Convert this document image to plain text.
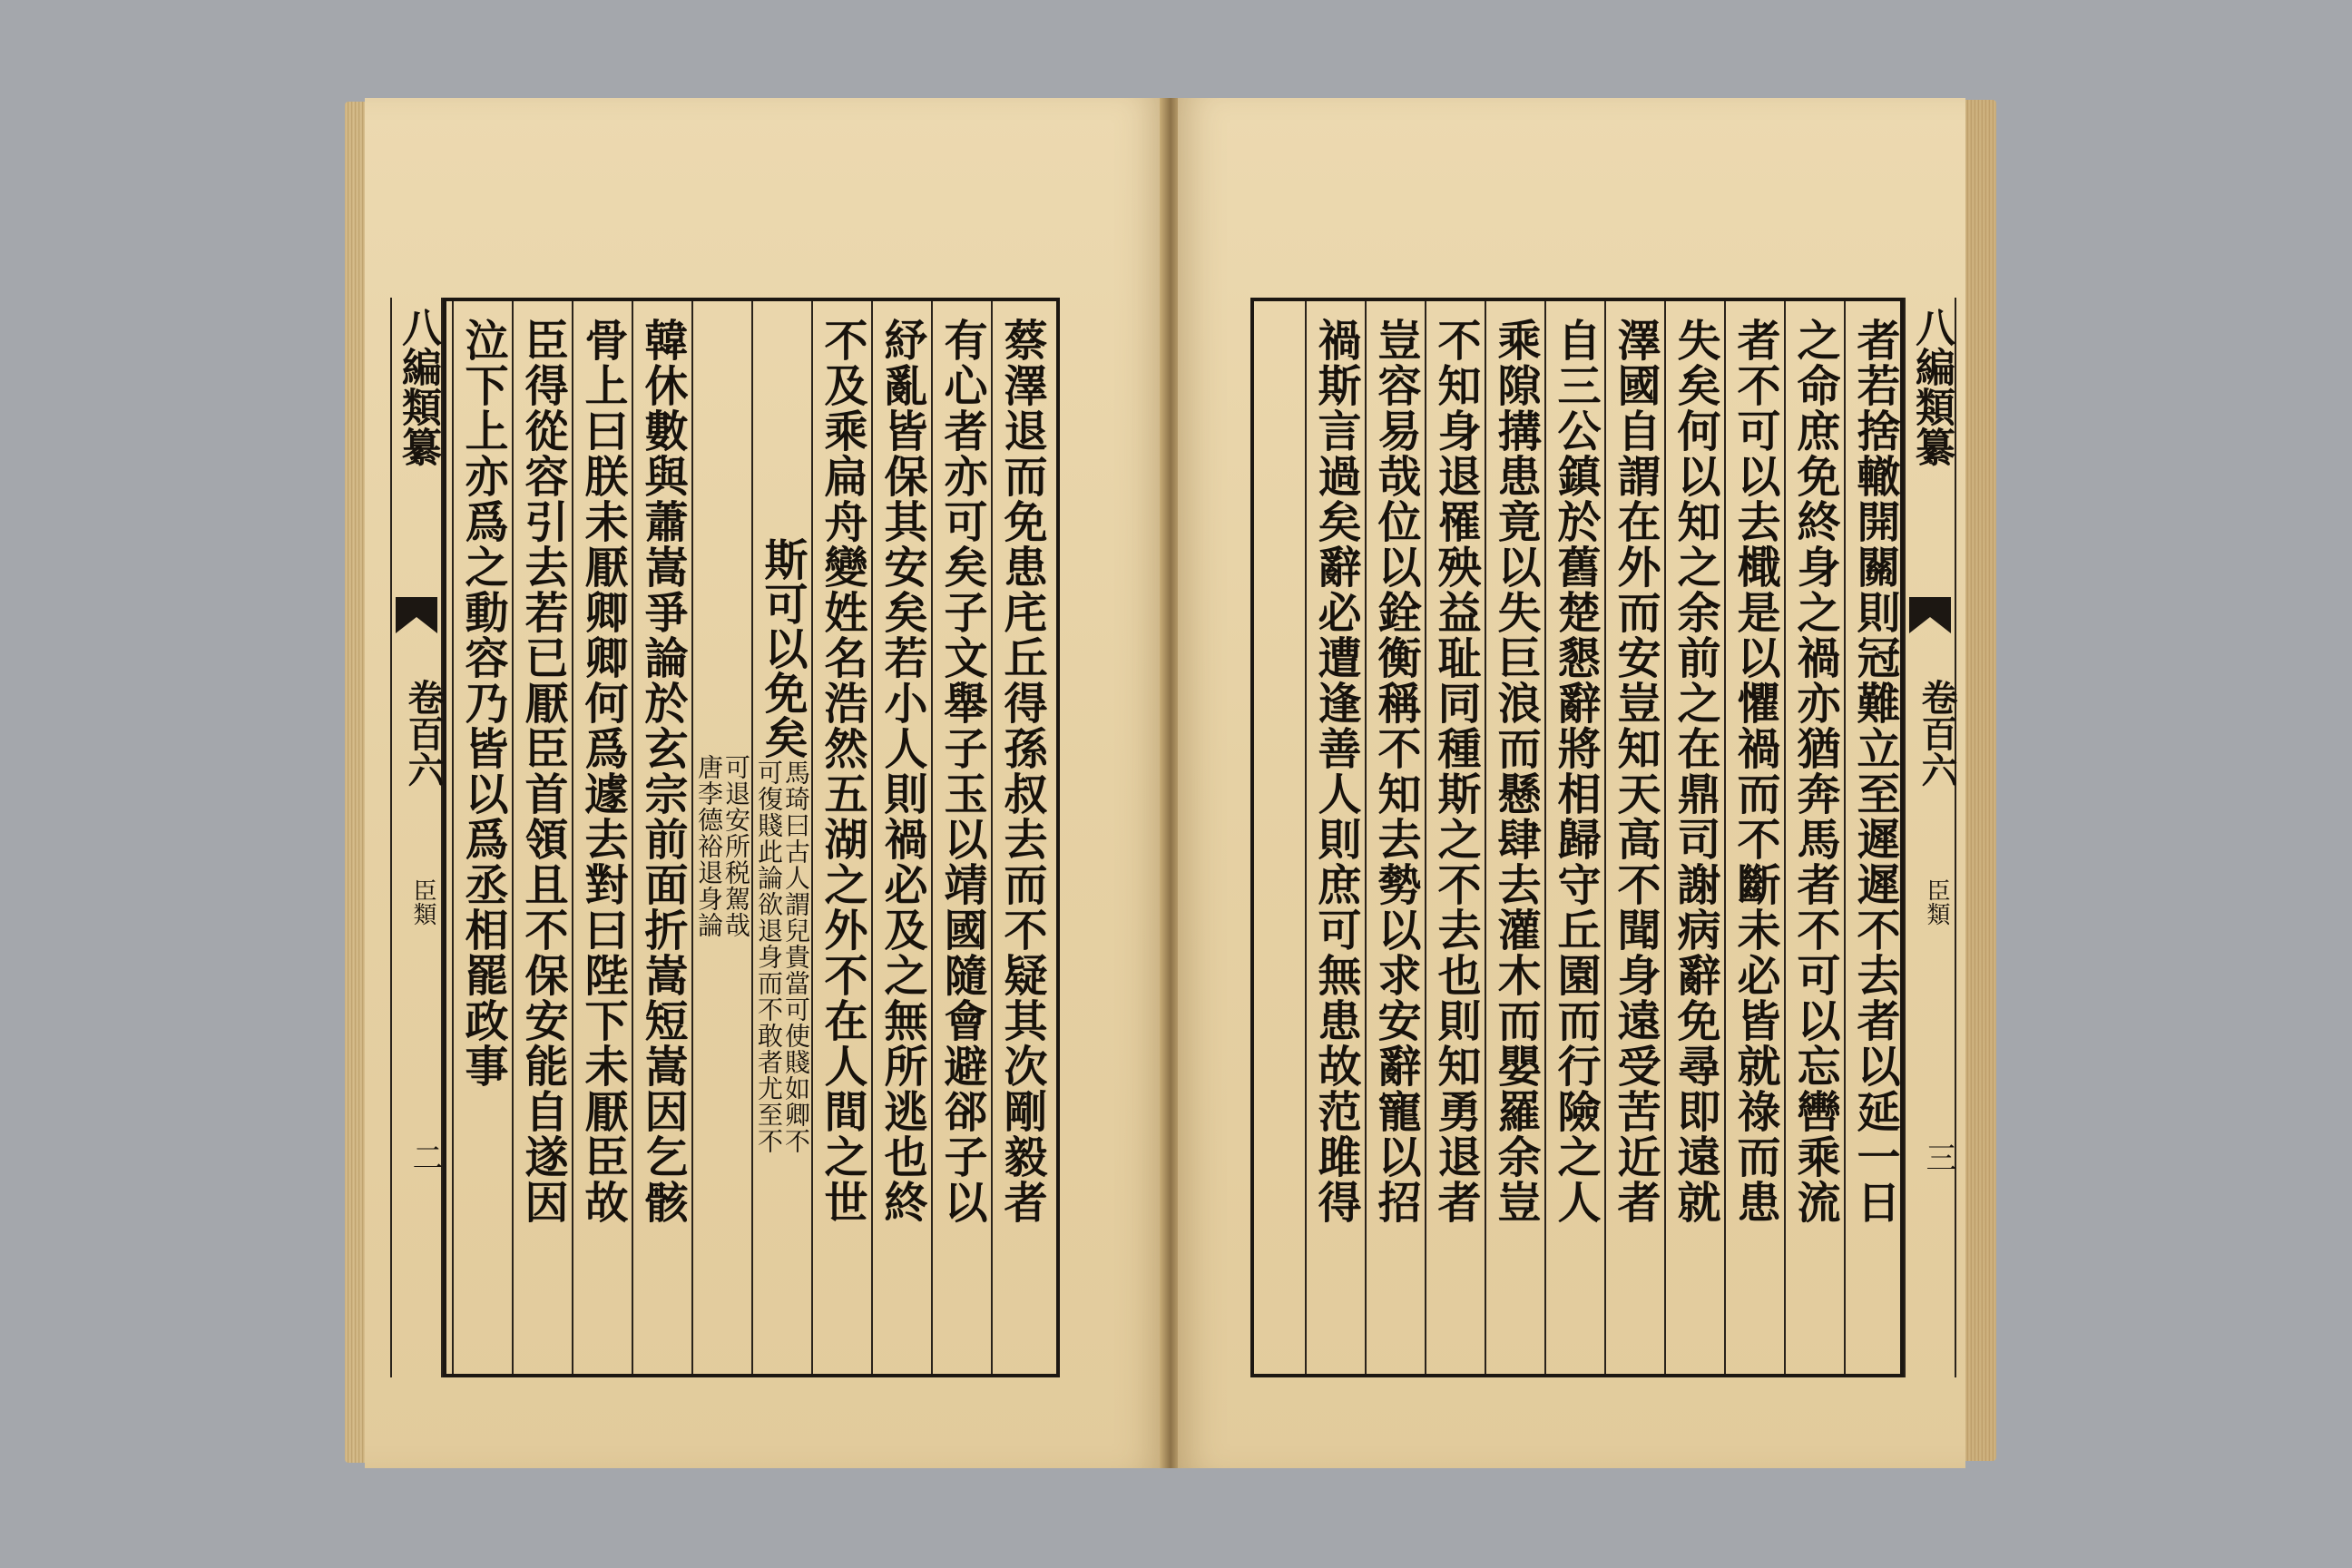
蔡澤退而免患㡯丘得孫叔去而不疑其次剛毅者
有心者亦可矣子文舉子玉以靖國隨會避郤子以
紓亂皆保其安矣若小人則禍必及之無所逃也終
不及乘扁舟變姓名浩然五湖之外不在人間之世
斯可以免矣
馬琦曰古人謂兒貴當可使賤如卿不
可復賤此論欲退身而不敢者尤至不
可退安所税駕哉
唐李德裕退身論
韓休數與蕭嵩爭論於玄宗前面折嵩短嵩因乞骸
骨上曰朕未厭卿卿何爲遽去對曰陛下未厭臣故
臣得從容引去若已厭臣首領且不保安能自遂因
泣下上亦爲之動容乃皆以爲丞相罷政事
八編類纂
卷百六
臣類
二	者若捨轍開關則冠難立至遲遲不去者以延一日
之命庶免終身之禍亦猶奔馬者不可以忘轡乘流
者不可以去檝是以懼禍而不斷未必皆就祿而患
失矣何以知之余前之在鼎司謝病辭免尋即遠就
澤國自謂在外而安豈知天高不聞身遠受苦近者
自三公鎮於舊楚懇辭將相歸守丘園而行險之人
乘隙搆患竟以失巨浪而懸肆去灌木而嬰羅余豈
不知身退罹殃益耻同種斯之不去也則知勇退者
豈容易哉位以銓衡稱不知去勢以求安辭寵以招
禍斯言過矣辭必遭逢善人則庶可無患故范雎得	八編類纂
卷百六
臣類
三
